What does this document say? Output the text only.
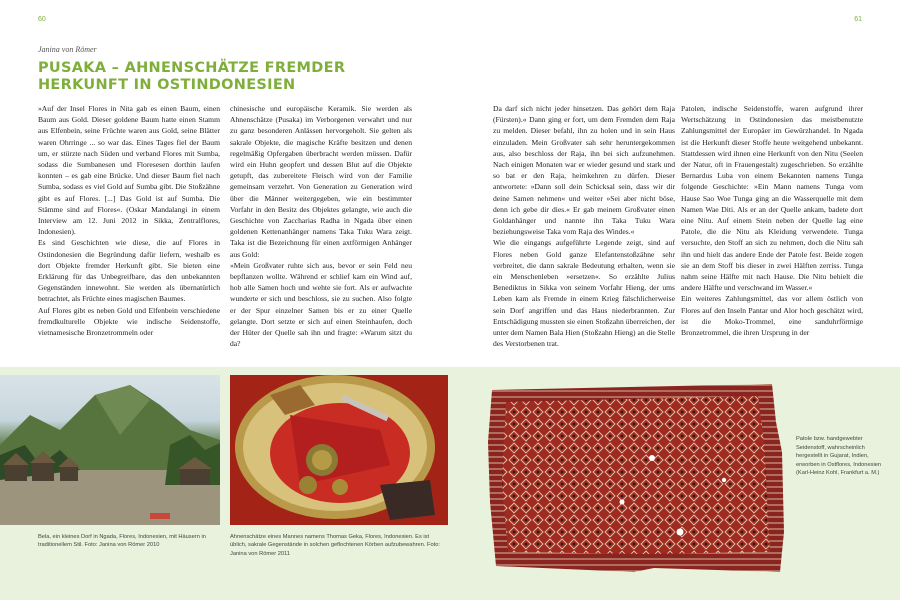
60	61
Janina von Römer
PUSAKA – AHNENSCHÄTZE FREMDER HERKUNFT IN OSTINDONESIEN

»Auf der Insel Flores in Nita gab es einen Baum, einen Baum aus Gold. Dieser goldene Baum hatte einen Stamm aus Elfenbein, seine Früchte waren aus Gold, seine Blätter waren Ohrringe ... so war das. Eines Tages fiel der Baum um, er stürzte nach Süden und verband Flores mit Sumba, sodass die Sumbanesen und Floresesen dorthin laufen konnten – es gab eine Brücke. Und dieser Baum fiel nach Sumba, sodass es viel Gold auf Sumba gibt. Die Stoßzähne gibt es auf Flores. [...] Das Gold ist auf Sumba. Die Stämme sind auf Flores«. (Oskar Mandalangi in einem Interview am 12. Juni 2012 in Sikka, Zentralflores, Indonesien).

Es sind Geschichten wie diese, die auf Flores in Ostindonesien die Begründung dafür liefern, weshalb es dort Objekte fremder Herkunft gibt. Sie bieten eine Erklärung für das Unbegreifbare, das den unbekannten Gegenständen innewohnt. Sie werden als übernatürlich betrachtet, als Früchte eines magischen Baumes.

Auf Flores gibt es neben Gold und Elfenbein verschiedene fremdkulturelle Objekte wie indische Seidenstoffe, vietnamesische Bronzetrommeln oder

chinesische und europäische Keramik. Sie werden als Ahnenschätze (Pusaka) im Verborgenen verwahrt und nur zu ganz besonderen Anlässen hervorgeholt. Sie gelten als sakrale Objekte, die magische Kräfte besitzen und denen regelmäßig Opfergaben überbracht werden müssen. Dafür wird ein Huhn geopfert und dessen Blut auf die Objekte getupft, das zubereitete Fleisch wird von der Familie gemeinsam verzehrt. Von Generation zu Generation wird über die Männer weitergegeben, wie ein bestimmter Vorfahr in den Besitz des Objektes gelangte, wie auch die Geschichte von Zaccharias Radha in Ngada über einen goldenen Kettenanhänger namens Taka Tuku Wara zeigt. Taka ist die Bezeichnung für einen axtförmigen Anhänger aus Gold:

»Mein Großvater ruhte sich aus, bevor er sein Feld neu bepflanzen wollte. Während er schlief kam ein Wind auf, hob alle Samen hoch und wehte sie fort. Als er aufwachte wunderte er sich und beschloss, sie zu suchen. Also folgte er der Spur einzelner Samen bis er zu einer Quelle gelangte. Dort setzte er sich auf einen Steinhaufen, doch der Hüter der Quelle sah ihn und fragte: »Warum sitzt du da?

Da darf sich nicht jeder hinsetzen. Das gehört dem Raja (Fürsten).« Dann ging er fort, um dem Fremden dem Raja zu melden. Dieser befahl, ihn zu holen und in sein Haus einzuladen. Mein Großvater sah sehr heruntergekommen aus, also beschloss der Raja, ihn bei sich aufzunehmen. Nach einigen Monaten war er wieder gesund und stark und so bat er den Raja, heimkehren zu dürfen. Dieser antwortete: »Dann soll dein Schicksal sein, dass wir dir deine Samen nehmen« und weiter »Sei aber nicht böse, denn ich gebe dir dies.« Er gab meinem Großvater einen Goldanhänger und nannte ihn Taka Tuku Wara beziehungsweise Taka vom Raja des Windes.«

Wie die eingangs aufgeführte Legende zeigt, sind auf Flores neben Gold ganze Elefantenstoßzähne sehr verbreitet, die dann sakrale Bedeutung erhalten, wenn sie ein Menschenleben »ersetzen«. So erzählte Julius Benediktus in Sikka von seinem Vorfahr Hieng, der ums Leben kam als Fremde in einem Krieg fälschlicherweise sein Dorf angriffen und das Haus niederbrannten. Zur Entschädigung mussten sie einen Stoßzahn überreichen, der unter dem Namen Bala Hien (Stoßzahn Hieng) an die Stelle des Verstorbenen trat.

Patolen, indische Seidenstoffe, waren aufgrund ihrer Wertschätzung in Ostindonesien das meistbenutzte Zahlungsmittel der Europäer im Gewürzhandel. In Ngada ist die Herkunft dieser Stoffe heute weitgehend unbekannt. Stattdessen wird ihnen eine Herkunft von den Nitu (Seelen der Natur, oft in Frauengestalt) zugeschrieben. So erzählte Bernardus Luba von einem Bekannten namens Tunga folgende Geschichte: »Ein Mann namens Tunga vom Hause Sao Woe Tunga ging an die Wasserquelle mit dem Namen Wae Diti. Als er an der Quelle ankam, badete dort eine Nitu. Auf einem Stein neben der Quelle lag eine Patole, die die Nitu als Kleidung verwendete. Tunga versuchte, den Stoff an sich zu nehmen, doch die Nitu sah ihn und hielt das andere Ende der Patole fest. Beide zogen sie an dem Stoff bis dieser in zwei Hälften zerriss. Tunga nahm seine Hälfte mit nach Hause. Die Nitu behielt die andere Hälfte und verschwand im Wasser.«

Ein weiteres Zahlungsmittel, das vor allem östlich von Flores auf den Inseln Pantar und Alor hoch geschätzt wird, ist die Moko-Trommel, eine sanduhrförmige Bronzetrommel, die ihren Ursprung in der

Bela, ein kleines Dorf in Ngada, Flores, Indonesien, mit Häusern in traditionellem Stil. Foto: Janina von Römer 2010
Ahnenschätze eines Mannes namens Thomas Geka, Flores, Indonesien. Es ist üblich, sakrale Gegenstände in solchen geflochtenen Körben aufzubewahren. Foto: Janina von Römer 2011
Patole bzw. handgewebter Seidenstoff, wahrscheinlich hergestellt in Gujarat, Indien, erworben in Ostflores, Indonesien (Karl-Heinz Kohl, Frankfurt a. M.)
